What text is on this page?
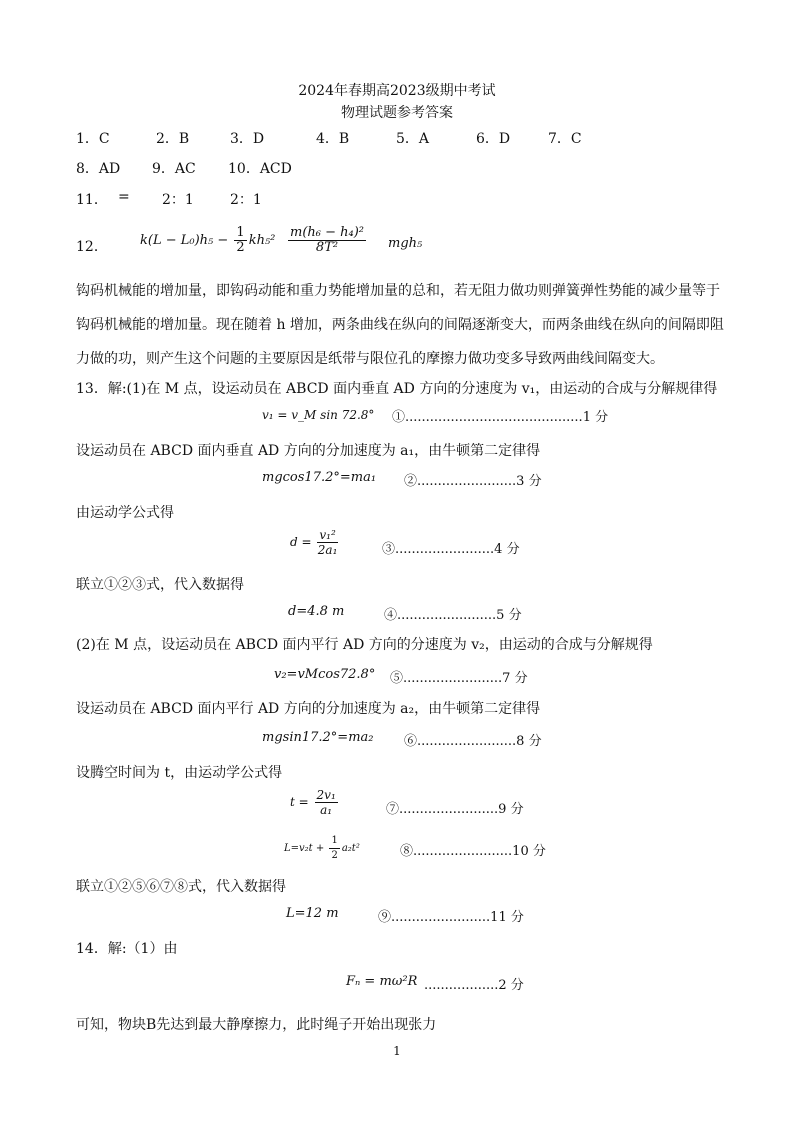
2024年春期高2023级期中考试
物理试题参考答案
1．C	2．B	3．D	4．B	5．A	6．D	7．C
8．AD 9．AC 10．ACD
11． = 2：1	2：1
12． $k(L - L_0)h_5 - \frac{1}{2} kh_5^2 \frac{\text{m(h₆ − h₄)²}}{\text{8T²}} mgh_5$
钩码机械能的增加量，即钩码动能和重力势能增加量的总和，若无阻力做功则弹簧弹性势能的减少量等于钩码机械能的增加量。现在随着 h 增加，两条曲线在纵向的间隔逐渐变大，而两条曲线在纵向的间隔即阻力做的功，则产生这个问题的主要原因是纸带与限位孔的摩擦力做功变多导致两曲线间隔变大。
13．解:(1)在 M 点，设运动员在 ABCD 面内垂直 AD 方向的分速度为 v₁，由运动的合成与分解规律得
v₁ = v_M sin 72.8° ①...........................................1 分
设运动员在 ABCD 面内垂直 AD 方向的分加速度为 a₁，由牛顿第二定律得
mgcos17.2°=ma₁ ②........................3 分
由运动学公式得
$d = \frac{\text{v₁²}}{\text{2a₁}}$	③........................4 分
联立①②③式，代入数据得
d=4.8 m	④........................5 分
(2)在 M 点，设运动员在 ABCD 面内平行 AD 方向的分速度为 v₂，由运动的合成与分解规得
v₂=vMcos72.8° ⑤........................7 分
设运动员在 ABCD 面内平行 AD 方向的分加速度为 a₂，由牛顿第二定律得
mgsin17.2°=ma₂ ⑥........................8 分
设腾空时间为 t，由运动学公式得
$t = \frac{\text{2v₁}}{\text{a₁}}$	⑦........................9 分
$L=v_2t + \frac{1}{2} a_2t^2$	⑧........................10 分
联立①②⑤⑥⑦⑧式，代入数据得
L=12 m	⑨........................11 分
14．解:（1）由
Fₙ = mω²R ..................2 分
可知，物块B先达到最大静摩擦力，此时绳子开始出现张力
1
